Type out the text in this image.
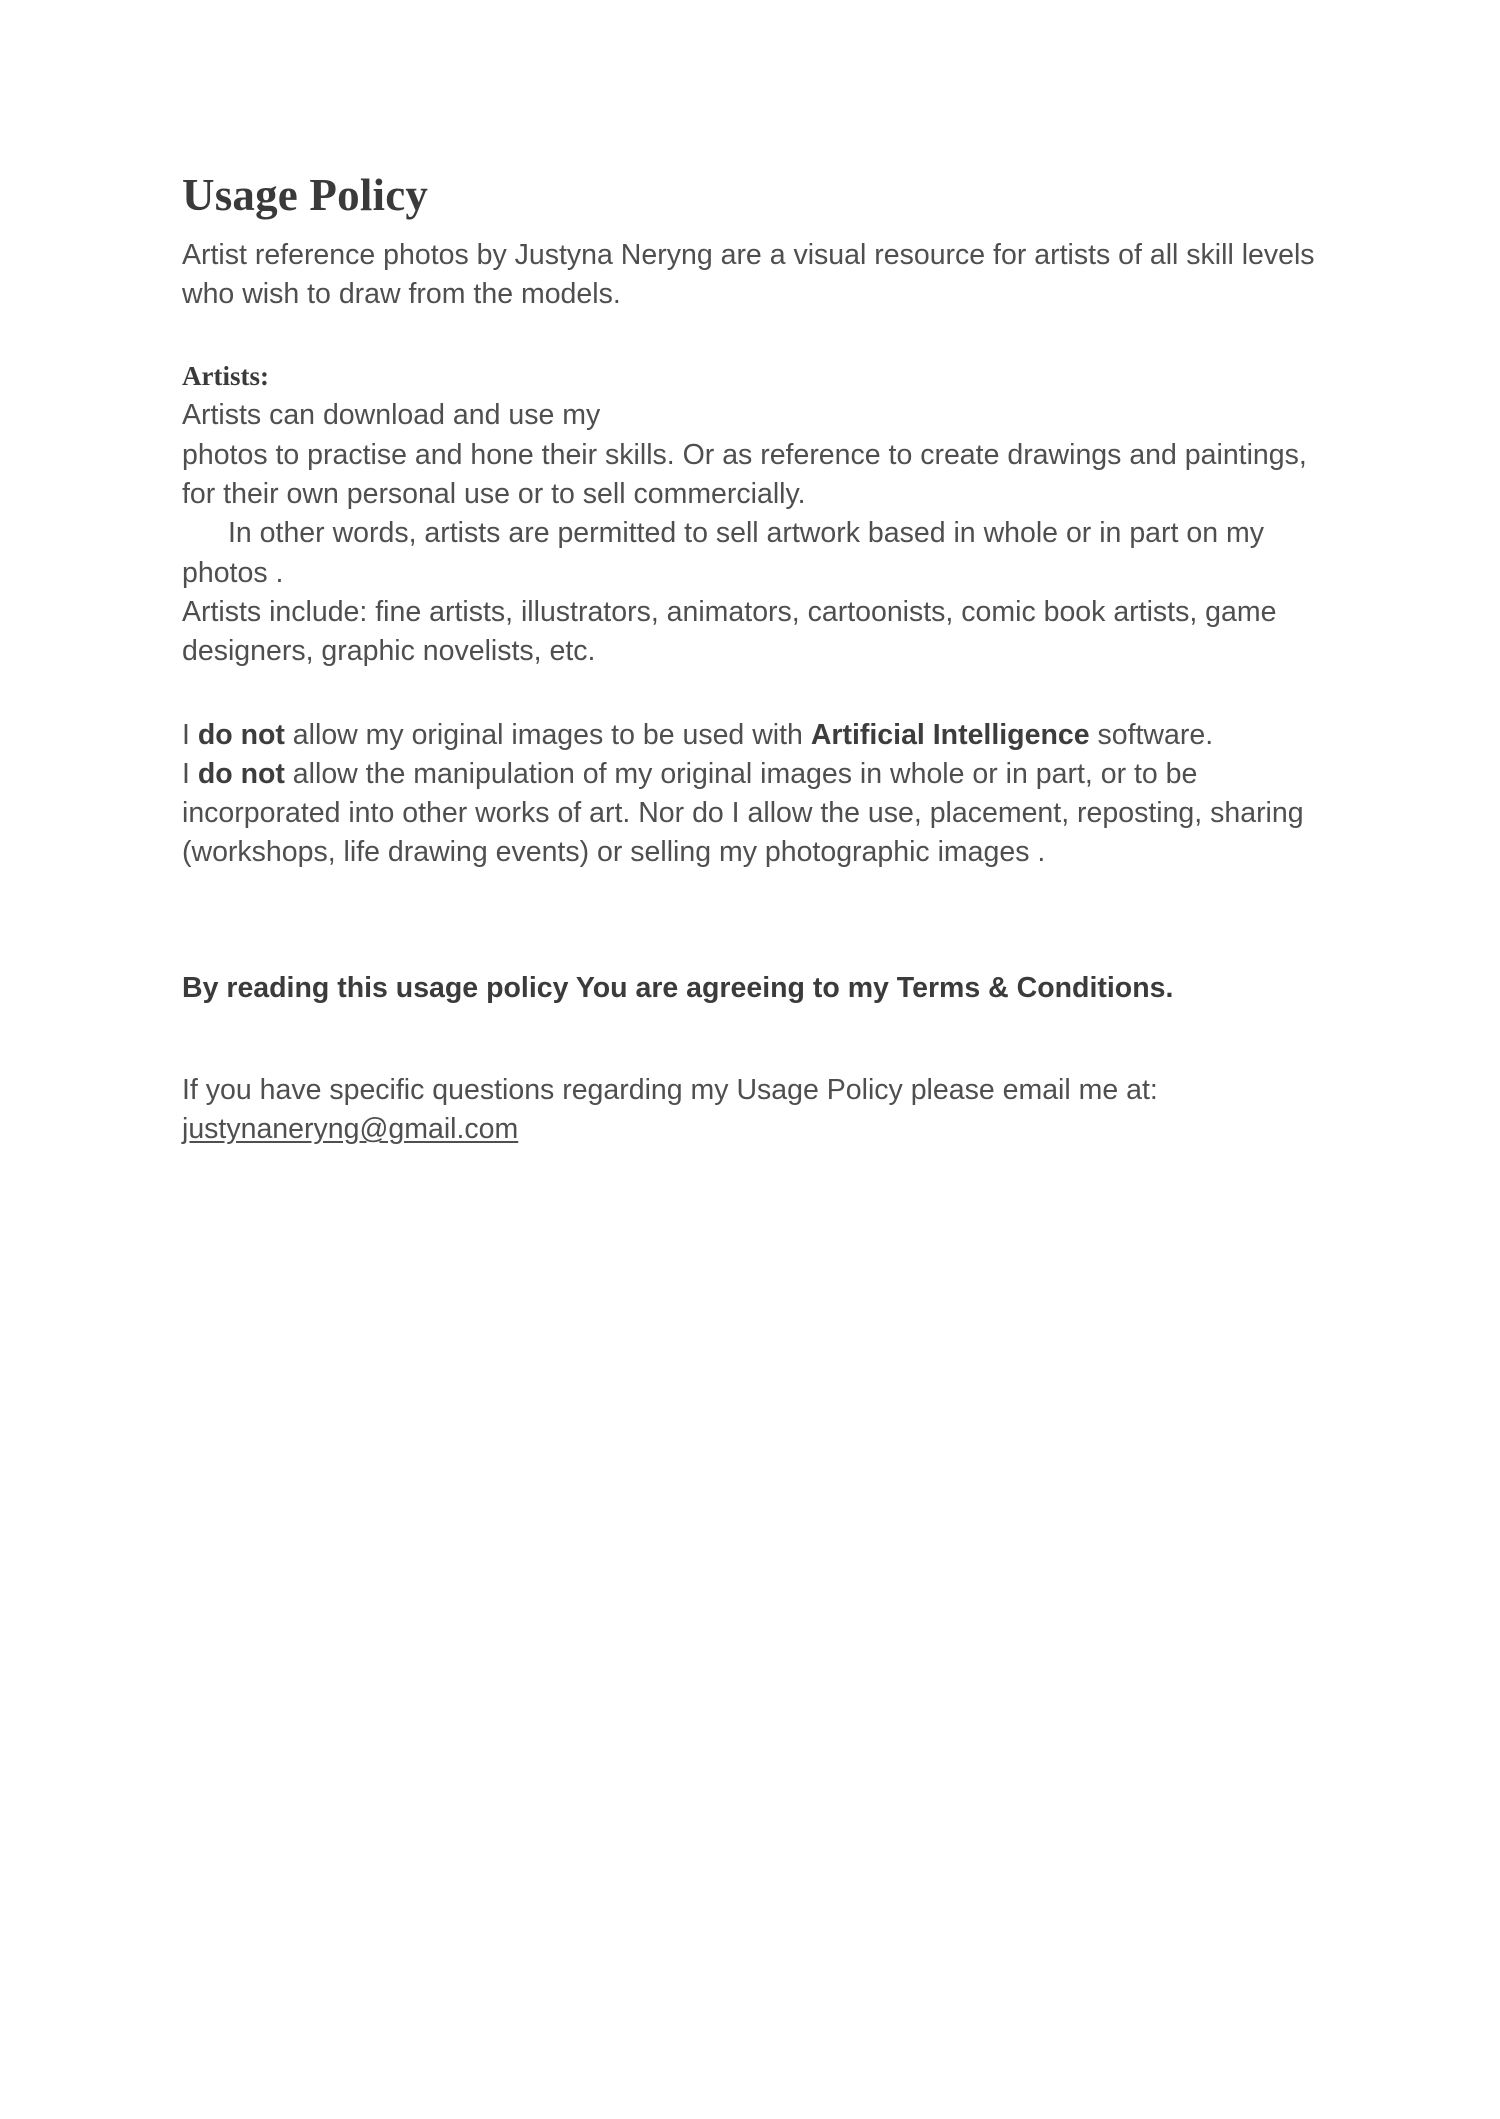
Usage Policy

Artist reference photos by Justyna Neryng are a visual resource for artists of all skill levels who wish to draw from the models.

Artists:

Artists can download and use my

photos to practise and hone their skills. Or as reference to create drawings and paintings, for their own personal use or to sell commercially.

In other words, artists are permitted to sell artwork based in whole or in part on my photos .

Artists include: fine artists, illustrators, animators, cartoonists, comic book artists, game designers, graphic novelists, etc.

I do not allow my original images to be used with Artificial Intelligence software.

I do not allow the manipulation of my original images in whole or in part, or to be incorporated into other works of art. Nor do I allow the use, placement, reposting, sharing (workshops, life drawing events) or selling my photographic images .

By reading this usage policy You are agreeing to my Terms & Conditions.

If you have specific questions regarding my Usage Policy please email me at: justynaneryng@gmail.com
